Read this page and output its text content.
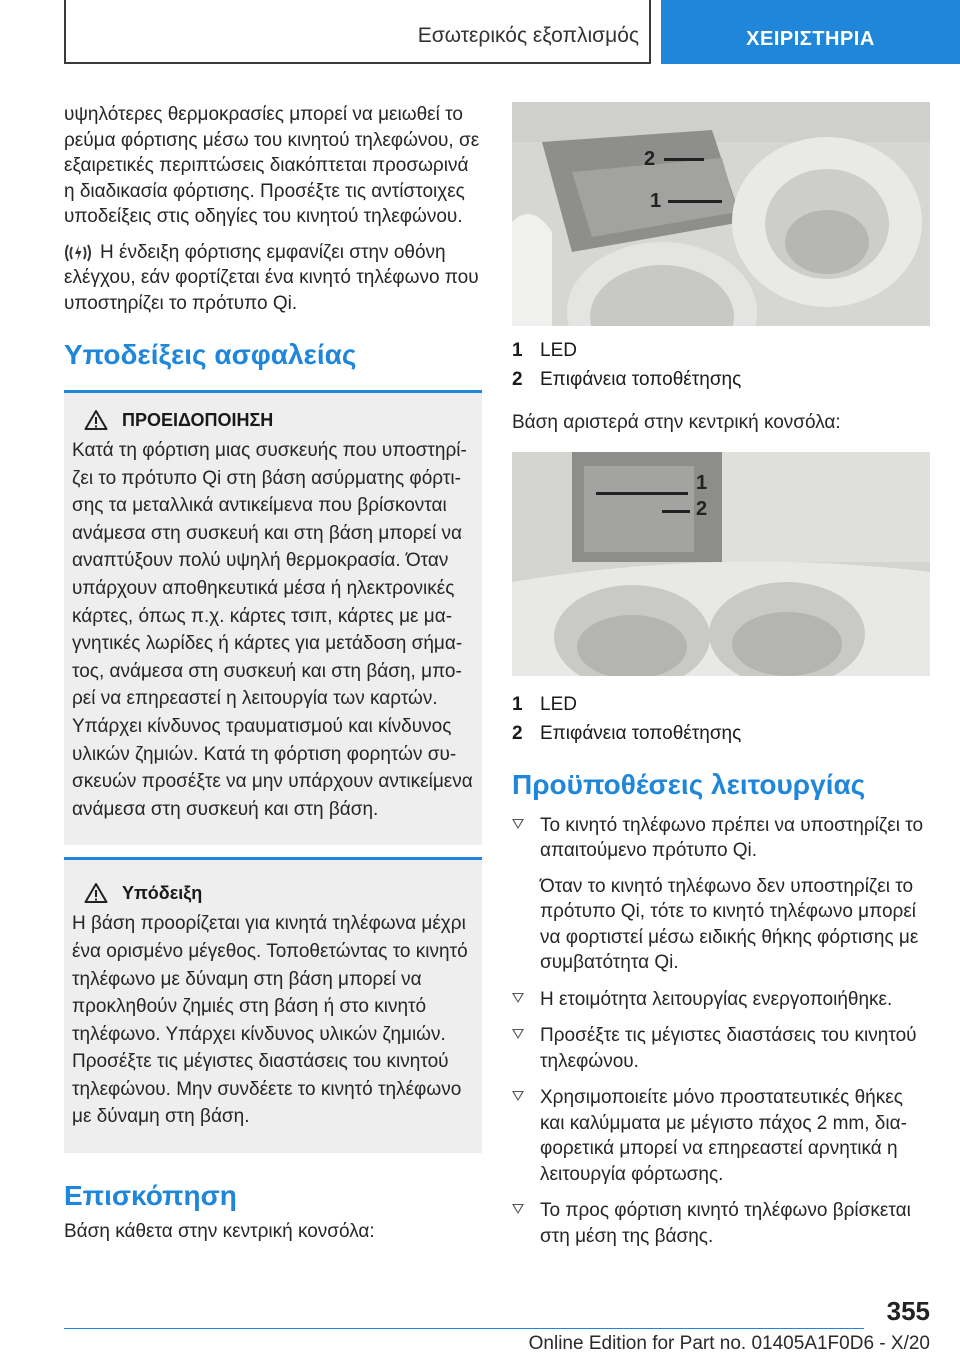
Εσωτερικός εξοπλισμός	ΧΕΙΡΙΣΤΗΡΙΑ

υψηλότερες θερμοκρασίες μπορεί να μειωθεί το ρεύμα φόρτισης μέσω του κινητού τηλεφώνου, σε εξαιρετικές περιπτώσεις διακόπτεται προσωρινά η διαδικασία φόρτισης. Προσέξτε τις αντίστοιχες υποδείξεις στις οδηγίες του κινητού τηλεφώνου.

Η ένδειξη φόρτισης εμφανίζει στην οθόνη ελέγχου, εάν φορτίζεται ένα κινητό τηλέφωνο που υποστηρίζει το πρότυπο Qi.

Υποδείξεις ασφαλείας
ΠΡΟΕΙΔΟΠΟΙΗΣΗ

Κατά τη φόρτιση μιας συσκευής που υποστηρίζει το πρότυπο Qi στη βάση ασύρματης φόρτισης τα μεταλλικά αντικείμενα που βρίσκονται ανάμεσα στη συσκευή και στη βάση μπορεί να αναπτύξουν πολύ υψηλή θερμοκρασία. Όταν υπάρχουν αποθηκευτικά μέσα ή ηλεκτρονικές κάρτες, όπως π.χ. κάρτες τσιπ, κάρτες με μαγνητικές λωρίδες ή κάρτες για μετάδοση σήματος, ανάμεσα στη συσκευή και στη βάση, μπορεί να επηρεαστεί η λειτουργία των καρτών. Υπάρχει κίνδυνος τραυματισμού και κίνδυνος υλικών ζημιών. Κατά τη φόρτιση φορητών συσκευών προσέξτε να μην υπάρχουν αντικείμενα ανάμεσα στη συσκευή και στη βάση.

Υπόδειξη

Η βάση προορίζεται για κινητά τηλέφωνα μέχρι ένα ορισμένο μέγεθος. Τοποθετώντας το κινητό τηλέφωνο με δύναμη στη βάση μπορεί να προκληθούν ζημιές στη βάση ή στο κινητό τηλέφωνο. Υπάρχει κίνδυνος υλικών ζημιών. Προσέξτε τις μέγιστες διαστάσεις του κινητού τηλεφώνου. Μην συνδέετε το κινητό τηλέφωνο με δύναμη στη βάση.

Επισκόπηση

Βάση κάθετα στην κεντρική κονσόλα:

2
1
1 LED
2 Επιφάνεια τοποθέτησης

Βάση αριστερά στην κεντρική κονσόλα:

1
2
1 LED
2 Επιφάνεια τοποθέτησης
Προϋποθέσεις λειτουργίας
Το κινητό τηλέφωνο πρέπει να υποστηρίζει το απαιτούμενο πρότυπο Qi.

Όταν το κινητό τηλέφωνο δεν υποστηρίζει το πρότυπο Qi, τότε το κινητό τηλέφωνο μπορεί να φορτιστεί μέσω ειδικής θήκης φόρτισης με συμβατότητα Qi.

Η ετοιμότητα λειτουργίας ενεργοποιήθηκε.
Προσέξτε τις μέγιστες διαστάσεις του κινητού τηλεφώνου.
Χρησιμοποιείτε μόνο προστατευτικές θήκες και καλύμματα με μέγιστο πάχος 2 mm, διαφορετικά μπορεί να επηρεαστεί αρνητικά η λειτουργία φόρτωσης.
Το προς φόρτιση κινητό τηλέφωνο βρίσκεται στη μέση της βάσης.
355
Online Edition for Part no. 01405A1F0D6 - X/20
